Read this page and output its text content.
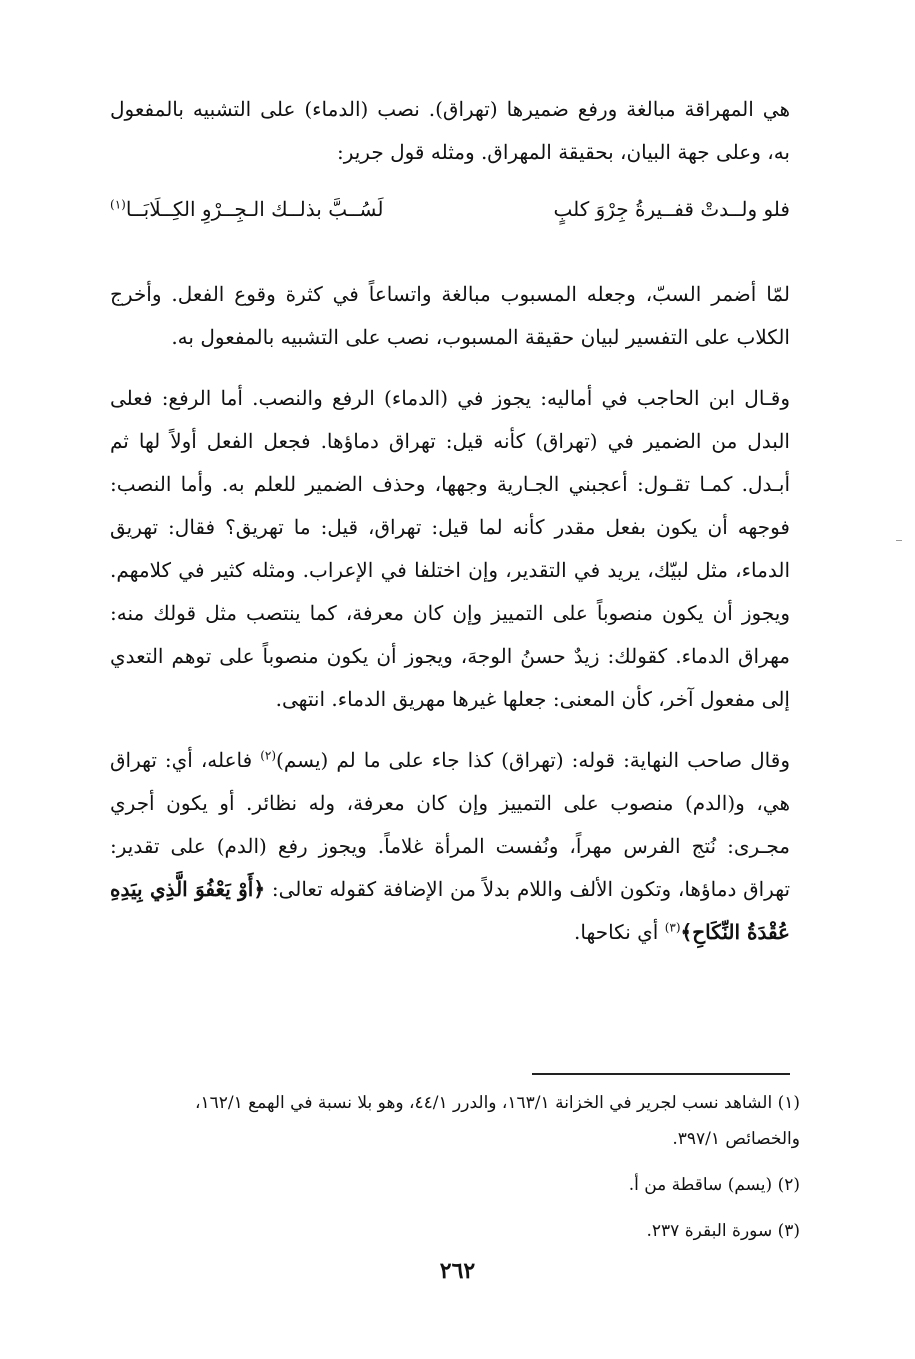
هي المهراقة مبالغة ورفع ضميرها (تهراق). نصب (الدماء) على التشبيه بالمفعول به، وعلى جهة البيان، بحقيقة المهراق. ومثله قول جرير:

فلو ولــدتْ قفــيرةُ جِرْوَ كلبٍ
لَسُــبَّ بذلــك الـجِــرْوِ الكِــلَابَــا$^{(١)}$

لمّا أضمر السبّ، وجعله المسبوب مبالغة واتساعاً في كثرة وقوع الفعل. وأخرج الكلاب على التفسير لبيان حقيقة المسبوب، نصب على التشبيه بالمفعول به.

وقـال ابن الحاجب في أماليه: يجوز في (الدماء) الرفع والنصب. أما الرفع: فعلى البدل من الضمير في (تهراق) كأنه قيل: تهراق دماؤها. فجعل الفعل أولاً لها ثم أبـدل. كمـا تقـول: أعجبني الجـارية وجهها، وحذف الضمير للعلم به. وأما النصب: فوجهه أن يكون بفعل مقدر كأنه لما قيل: تهراق، قيل: ما تهريق؟ فقال: تهريق الدماء، مثل لبيّك، يريد في التقدير، وإن اختلفا في الإعراب. ومثله كثير في كلامهم. ويجوز أن يكون منصوباً على التمييز وإن كان معرفة، كما ينتصب مثل قولك منه: مهراق الدماء. كقولك: زيدٌ حسنُ الوجهَ، ويجوز أن يكون منصوباً على توهم التعدي إلى مفعول آخر، كأن المعنى: جعلها غيرها مهريق الدماء. انتهى.

وقال صاحب النهاية: قوله: (تهراق) كذا جاء على ما لم (يسم)$^{(٢)}$ فاعله، أي: تهراق هي، و(الدم) منصوب على التمييز وإن كان معرفة، وله نظائر. أو يكون أجري مجـرى: نُتج الفرس مهراً، ونُفست المرأة غلاماً. ويجوز رفع (الدم) على تقدير: تهراق دماؤها، وتكون الألف واللام بدلاً من الإضافة كقوله تعالى: ﴿أَوْ يَعْفُوَ الَّذِي بِيَدِهِ عُقْدَةُ النِّكَاحِ﴾$^{(٣)}$ أي نكاحها.

(١) الشاهد نسب لجرير في الخزانة ١٦٣/١، والدرر ٤٤/١، وهو بلا نسبة في الهمع ١٦٢/١،

والخصائص ٣٩٧/١.

(٢) (يسم) ساقطة من أ.

(٣) سورة البقرة ٢٣٧.

٢٦٢
